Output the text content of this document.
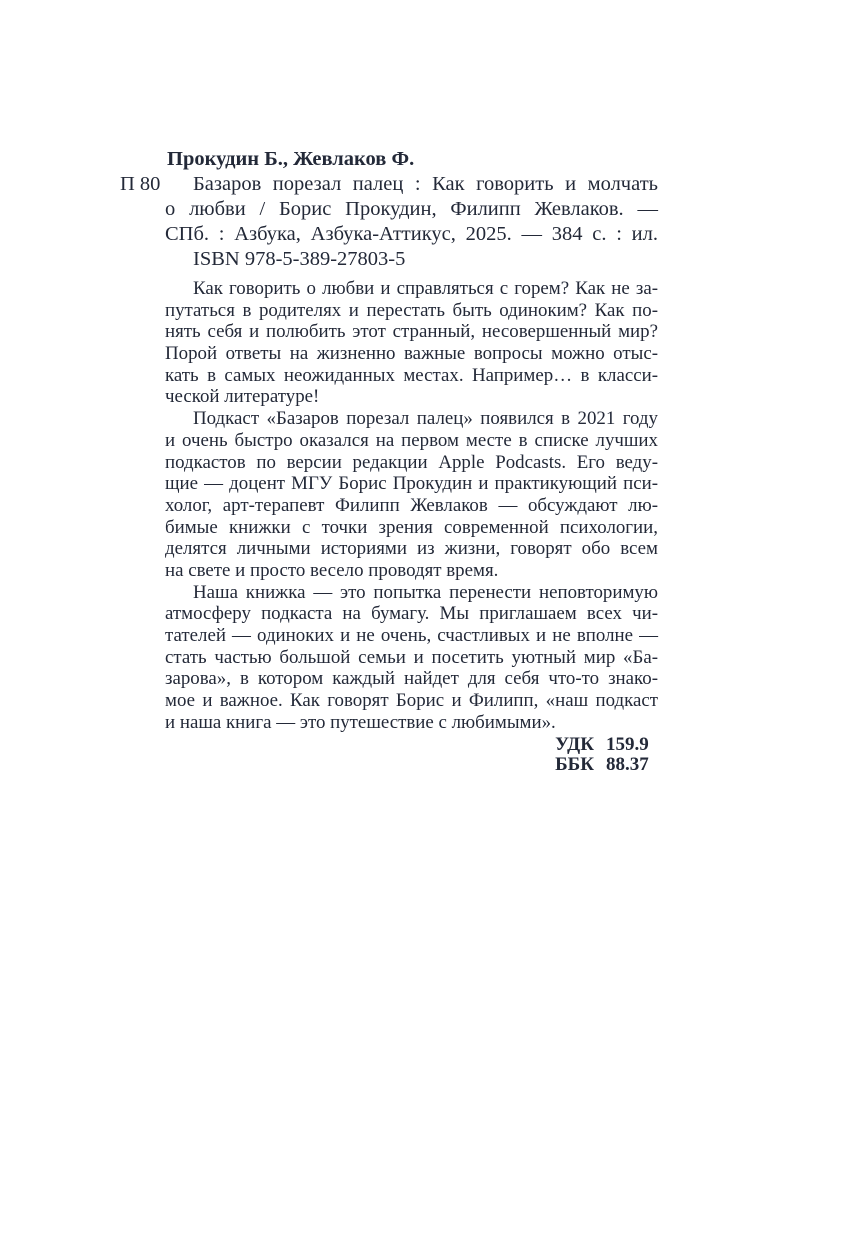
Прокудин Б., Жевлаков Ф.
П 80 Базаров порезал палец : Как говорить и молчать
о любви / Борис Прокудин, Филипп Жевлаков. —
СПб. : Азбука, Азбука-Аттикус, 2025. — 384 с. : ил.
ISBN 978-5-389-27803-5
Как говорить о любви и справляться с горем? Как не за-
путаться в родителях и перестать быть одиноким? Как по-
нять себя и полюбить этот странный, несовершенный мир?
Порой ответы на жизненно важные вопросы можно отыс-
кать в самых неожиданных местах. Например… в класси-
ческой литературе!
Подкаст «Базаров порезал палец» появился в 2021 году
и очень быстро оказался на первом месте в списке лучших
подкастов по версии редакции Apple Podcasts. Его веду-
щие — доцент МГУ Борис Прокудин и практикующий пси-
холог, арт-терапевт Филипп Жевлаков — обсуждают лю-
бимые книжки с точки зрения современной психологии,
делятся личными историями из жизни, говорят обо всем
на свете и просто весело проводят время.
Наша книжка — это попытка перенести неповторимую
атмосферу подкаста на бумагу. Мы приглашаем всех чи-
тателей — одиноких и не очень, счастливых и не вполне —
стать частью большой семьи и посетить уютный мир «Ба-
зарова», в котором каждый найдет для себя что-то знако-
мое и важное. Как говорят Борис и Филипп, «наш подкаст
и наша книга — это путешествие с любимыми».
УДК 159.9
ББК 88.37
